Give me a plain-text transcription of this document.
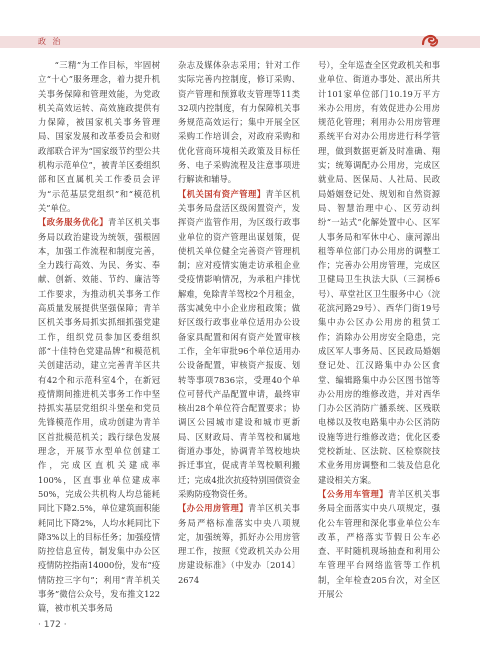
政 治

“三精”为工作目标，牢固树立“十心”服务理念，着力提升机关事务保障和管理效能，为党政机关高效运转、高效施政提供有力保障，被国家机关事务管理局、国家发展和改革委员会和财政部联合评为“国家级节约型公共机构示范单位”，被青羊区委组织部和区直属机关工作委员会评为“示范基层党组织”和“模范机关”单位。

【政务服务优化】青羊区机关事务局以政治建设为统领，强根固本，加强工作流程和制度完善，全力践行高效、为民、务实、奉献、创新、效能、节约、廉洁等工作要求，为推动机关事务工作高质量发展提供坚强保障；青羊区机关事务局抓实抓细抓强党建工作，组织党员参加区委组织部“十佳特色党建品牌”和模范机关创建活动，建立完善青羊区共有42个和示范科室4个，在新冠疫情期间推进机关事务工作中坚持抓实基层党组织斗堡垒和党员先锋模范作用，成功创建为青羊区首批模范机关；践行绿色发展理念，开展节水型单位创建工作，完成区直机关建成率100%，区直事业单位建成率50%，完成公共机构人均总能耗同比下降2.5%，单位建筑面积能耗同比下降2%，人均水耗同比下降3%以上的目标任务；加强疫情防控信息宣传，制发集中办公区疫情防控指南14000份，发布“疫情防控三字句”；利用“青羊机关事务”微信公众号，发布推文122篇，被市机关事务局

杂志及媒体杂志采用；针对工作实际完善内控制度，修订采购、资产管理和预算收支管理等11类32项内控制度，有力保障机关事务规范高效运行；集中开展全区采购工作培训会，对政府采购和优化营商环境相关政策及目标任务、电子采购流程及注意事项进行解读和辅导。

【机关国有资产管理】青羊区机关事务局盘活区级闲置资产，发挥资产监管作用，为区级行政事业单位的资产管理出谋划策，促使机关单位健全完善资产管理机制；应对疫情实施走访承租企业受疫情影响情况，为承租户排忧解难，免除青羊驾校2个月租金，落实减免中小企业房租政策；做好区级行政事业单位适用办公设备家具配置和闲有资产处置审核工作，全年审批96个单位适用办公设备配置，审核资产报废、划转等事项7836宗，受理40个单位可替代产品配置申请，最终审核出28个单位符合配置要求；协调区公园城市建设和城市更新局、区财政局、青羊驾校和属地街道办事处，协调青羊驾校地块拆迁事宜，促成青羊驾校顺利搬迁；完成4批次抗疫特别国债资金采购防疫物资任务。

【办公用房管理】青羊区机关事务局严格标准落实中央八项规定，加强统筹，抓好办公用房管理工作，按照《党政机关办公用房建设标准》（中发办〔2014〕2674

号），全年巡查全区党政机关和事业单位、街道办事处、派出所共计101家单位部门10.19万平方米办公用房，有效促进办公用房规范化管理；利用办公用房管理系统平台对办公用房进行科学管理，做到数据更新及时准确、翔实；统筹调配办公用房，完成区就业局、医保局、人社局、民政局婚姻登记处、规划和自然资源局、智慧治理中心、区劳动纠纷“一站式”化解处置中心、区军人事务局和军休中心、康河源出租等单位部门办公用房的调整工作；完善办公用房管理，完成区卫健局卫生执法大队（三洞桥6号）、草堂社区卫生服务中心（浣花滨河路29号）、西华门街19号集中办公区办公用房的租赁工作；消除办公用房安全隐患，完成区军人事务局、区民政局婚姻登记处、江汉路集中办公区食堂、编辑路集中办公区图书馆等办公用房的维修改造，并对西华门办公区消防广播系统、区残联电梯以及牧电路集中办公区消防设施等进行维修改造；优化区委党校新址、区法院、区检察院技术业务用房调整和二装及信息化建设相关方案。

【公务用车管理】青羊区机关事务局全面落实中央八项规定，强化公车管理和深化事业单位公车改革，严格落实节假日公车必查、平时随机现场抽查和利用公车管理平台网络监管等工作机制，全年检查205台次，对全区开展公

· 172 ·
